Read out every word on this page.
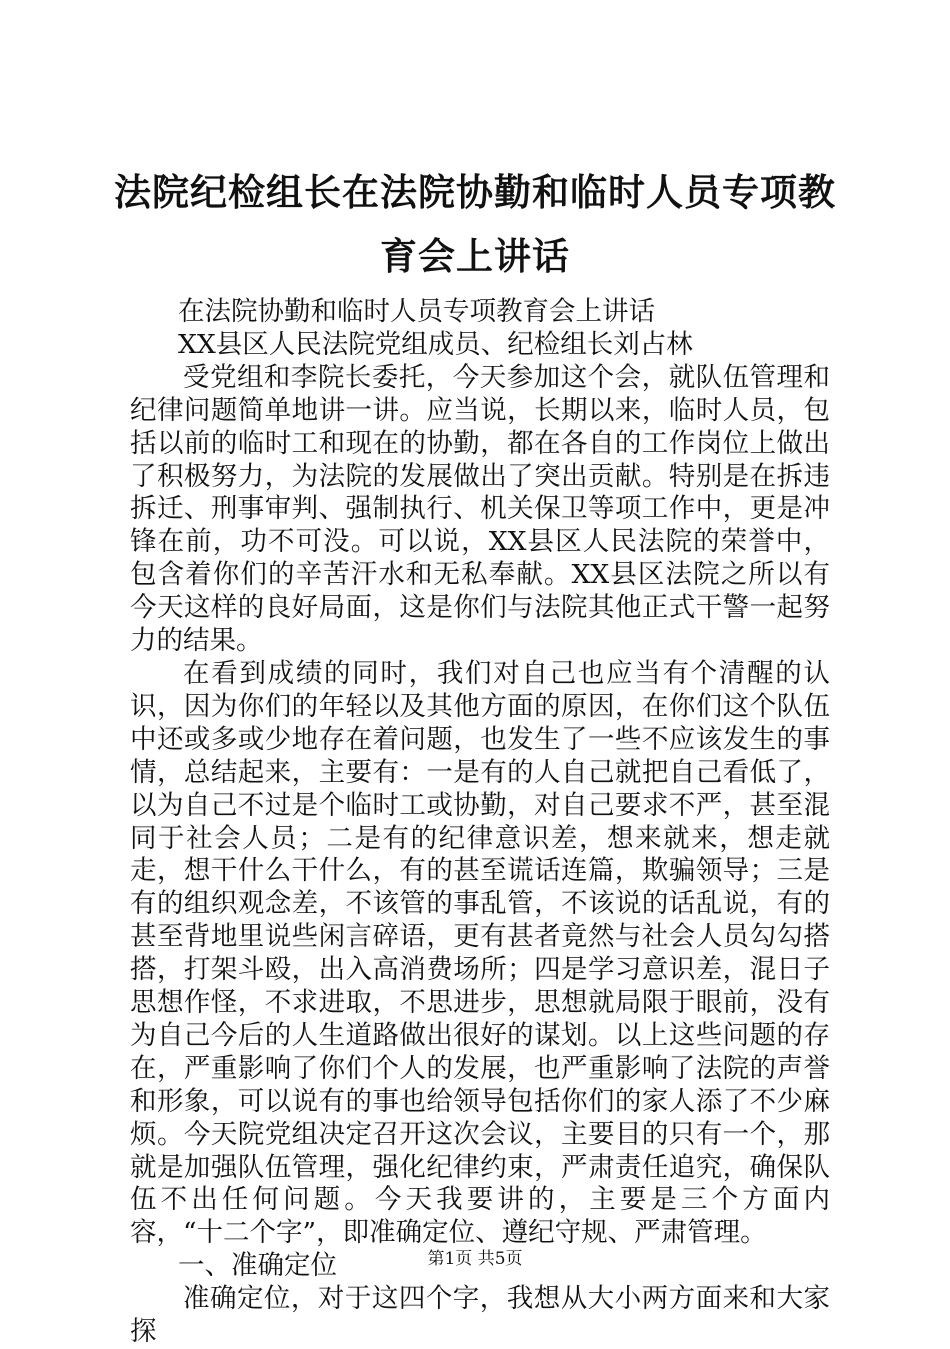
法院纪检组长在法院协勤和临时人员专项教育会上讲话

在法院协勤和临时人员专项教育会上讲话

XX县区人民法院党组成员、纪检组长刘占林

受党组和李院长委托，今天参加这个会，就队伍管理和纪律问题简单地讲一讲。应当说，长期以来，临时人员，包括以前的临时工和现在的协勤，都在各自的工作岗位上做出了积极努力，为法院的发展做出了突出贡献。特别是在拆违拆迁、刑事审判、强制执行、机关保卫等项工作中，更是冲锋在前，功不可没。可以说，XX县区人民法院的荣誉中，包含着你们的辛苦汗水和无私奉献。XX县区法院之所以有今天这样的良好局面，这是你们与法院其他正式干警一起努力的结果。

在看到成绩的同时，我们对自己也应当有个清醒的认识，因为你们的年轻以及其他方面的原因，在你们这个队伍中还或多或少地存在着问题，也发生了一些不应该发生的事情，总结起来，主要有：一是有的人自己就把自己看低了，以为自己不过是个临时工或协勤，对自己要求不严，甚至混同于社会人员；二是有的纪律意识差，想来就来，想走就走，想干什么干什么，有的甚至谎话连篇，欺骗领导；三是有的组织观念差，不该管的事乱管，不该说的话乱说，有的甚至背地里说些闲言碎语，更有甚者竟然与社会人员勾勾搭搭，打架斗殴，出入高消费场所；四是学习意识差，混日子思想作怪，不求进取，不思进步，思想就局限于眼前，没有为自己今后的人生道路做出很好的谋划。以上这些问题的存在，严重影响了你们个人的发展，也严重影响了法院的声誉和形象，可以说有的事也给领导包括你们的家人添了不少麻烦。今天院党组决定召开这次会议，主要目的只有一个，那就是加强队伍管理，强化纪律约束，严肃责任追究，确保队伍不出任何问题。今天我要讲的，主要是三个方面内容，“十二个字”，即准确定位、遵纪守规、严肃管理。

一、准确定位

准确定位，对于这四个字，我想从大小两方面来和大家探

第1页 共5页
